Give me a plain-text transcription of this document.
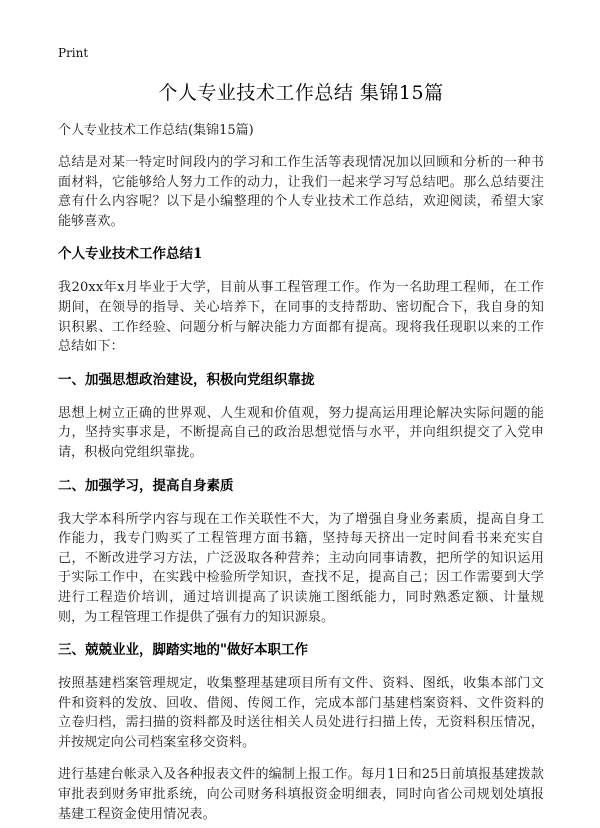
Print
个人专业技术工作总结 集锦15篇
个人专业技术工作总结(集锦15篇)

总结是对某一特定时间段内的学习和工作生活等表现情况加以回顾和分析的一种书面材料，它能够给人努力工作的动力，让我们一起来学习写总结吧。那么总结要注意有什么内容呢？以下是小编整理的个人专业技术工作总结，欢迎阅读，希望大家能够喜欢。

个人专业技术工作总结1

我20xx年x月毕业于大学，目前从事工程管理工作。作为一名助理工程师，在工作期间，在领导的指导、关心培养下，在同事的支持帮助、密切配合下，我自身的知识积累、工作经验、问题分析与解决能力方面都有提高。现将我任现职以来的工作总结如下：

一、加强思想政治建设，积极向党组织靠拢

思想上树立正确的世界观、人生观和价值观，努力提高运用理论解决实际问题的能力，坚持实事求是，不断提高自己的政治思想觉悟与水平，并向组织提交了入党申请，积极向党组织靠拢。

二、加强学习，提高自身素质

我大学本科所学内容与现在工作关联性不大，为了增强自身业务素质，提高自身工作能力，我专门购买了工程管理方面书籍，坚持每天挤出一定时间看书来充实自己，不断改进学习方法，广泛汲取各种营养；主动向同事请教，把所学的知识运用于实际工作中，在实践中检验所学知识，查找不足，提高自己；因工作需要到大学进行工程造价培训，通过培训提高了识读施工图纸能力，同时熟悉定额、计量规则，为工程管理工作提供了强有力的知识源泉。

三、兢兢业业，脚踏实地的"做好本职工作

按照基建档案管理规定，收集整理基建项目所有文件、资料、图纸，收集本部门文件和资料的发放、回收、借阅、传阅工作，完成本部门基建档案资料、文件资料的立卷归档，需扫描的资料都及时送往相关人员处进行扫描上传，无资料积压情况，并按规定向公司档案室移交资料。

进行基建台帐录入及各种报表文件的编制上报工作。每月1日和25日前填报基建拨款审批表到财务审批系统，向公司财务科填报资金明细表，同时向省公司规划处填报基建工程资金使用情况表。
